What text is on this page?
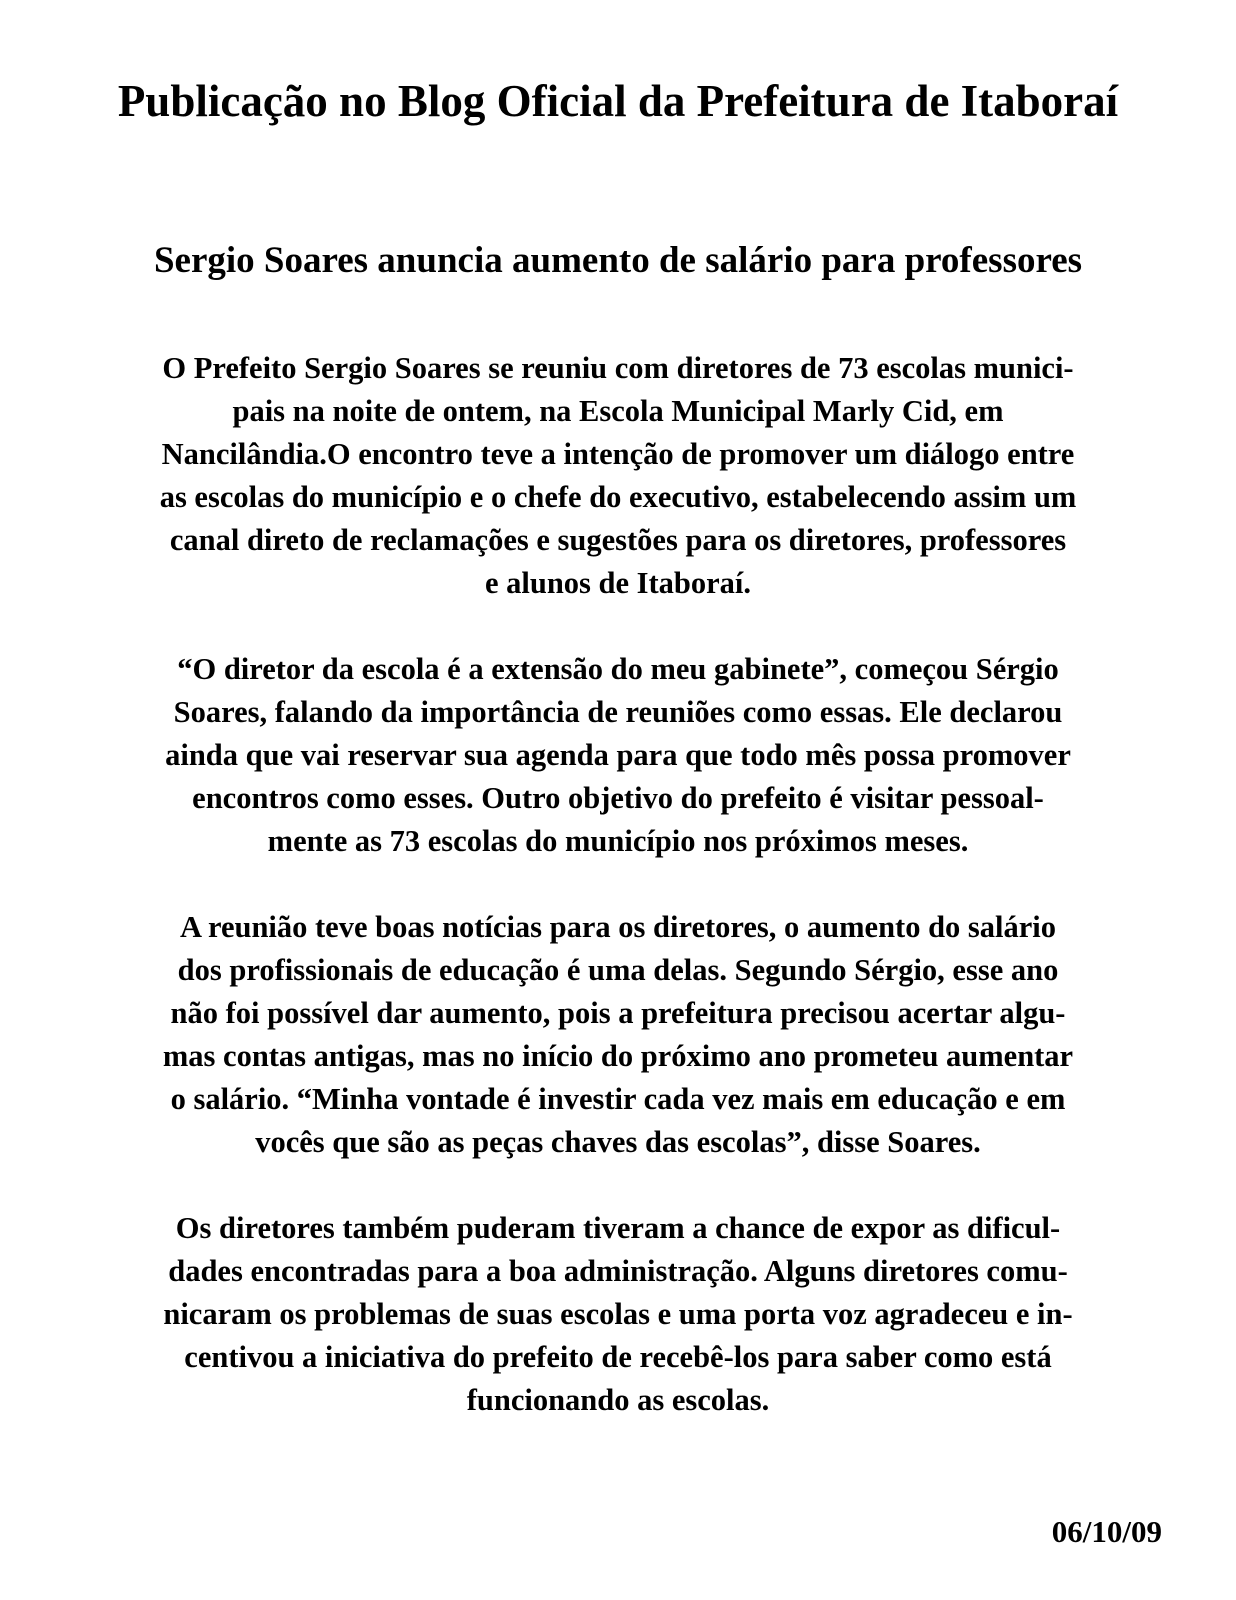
Publicação no Blog Oficial da Prefeitura de Itaboraí
Sergio Soares anuncia aumento de salário para professores
O Prefeito Sergio Soares se reuniu com diretores de 73 escolas munici-
pais na noite de ontem, na Escola Municipal Marly Cid, em
Nancilândia.O encontro teve a intenção de promover um diálogo entre
as escolas do município e o chefe do executivo, estabelecendo assim um
canal direto de reclamações e sugestões para os diretores, professores
e alunos de Itaboraí.
“O diretor da escola é a extensão do meu gabinete”, começou Sérgio
Soares, falando da importância de reuniões como essas. Ele declarou
ainda que vai reservar sua agenda para que todo mês possa promover
encontros como esses. Outro objetivo do prefeito é visitar pessoal-
mente as 73 escolas do município nos próximos meses.
A reunião teve boas notícias para os diretores, o aumento do salário
dos profissionais de educação é uma delas. Segundo Sérgio, esse ano
não foi possível dar aumento, pois a prefeitura precisou acertar algu-
mas contas antigas, mas no início do próximo ano prometeu aumentar
o salário. “Minha vontade é investir cada vez mais em educação e em
vocês que são as peças chaves das escolas”, disse Soares.
Os diretores também puderam tiveram a chance de expor as dificul-
dades encontradas para a boa administração. Alguns diretores comu-
nicaram os problemas de suas escolas e uma porta voz agradeceu e in-
centivou a iniciativa do prefeito de recebê-los para saber como está
funcionando as escolas.
06/10/09
